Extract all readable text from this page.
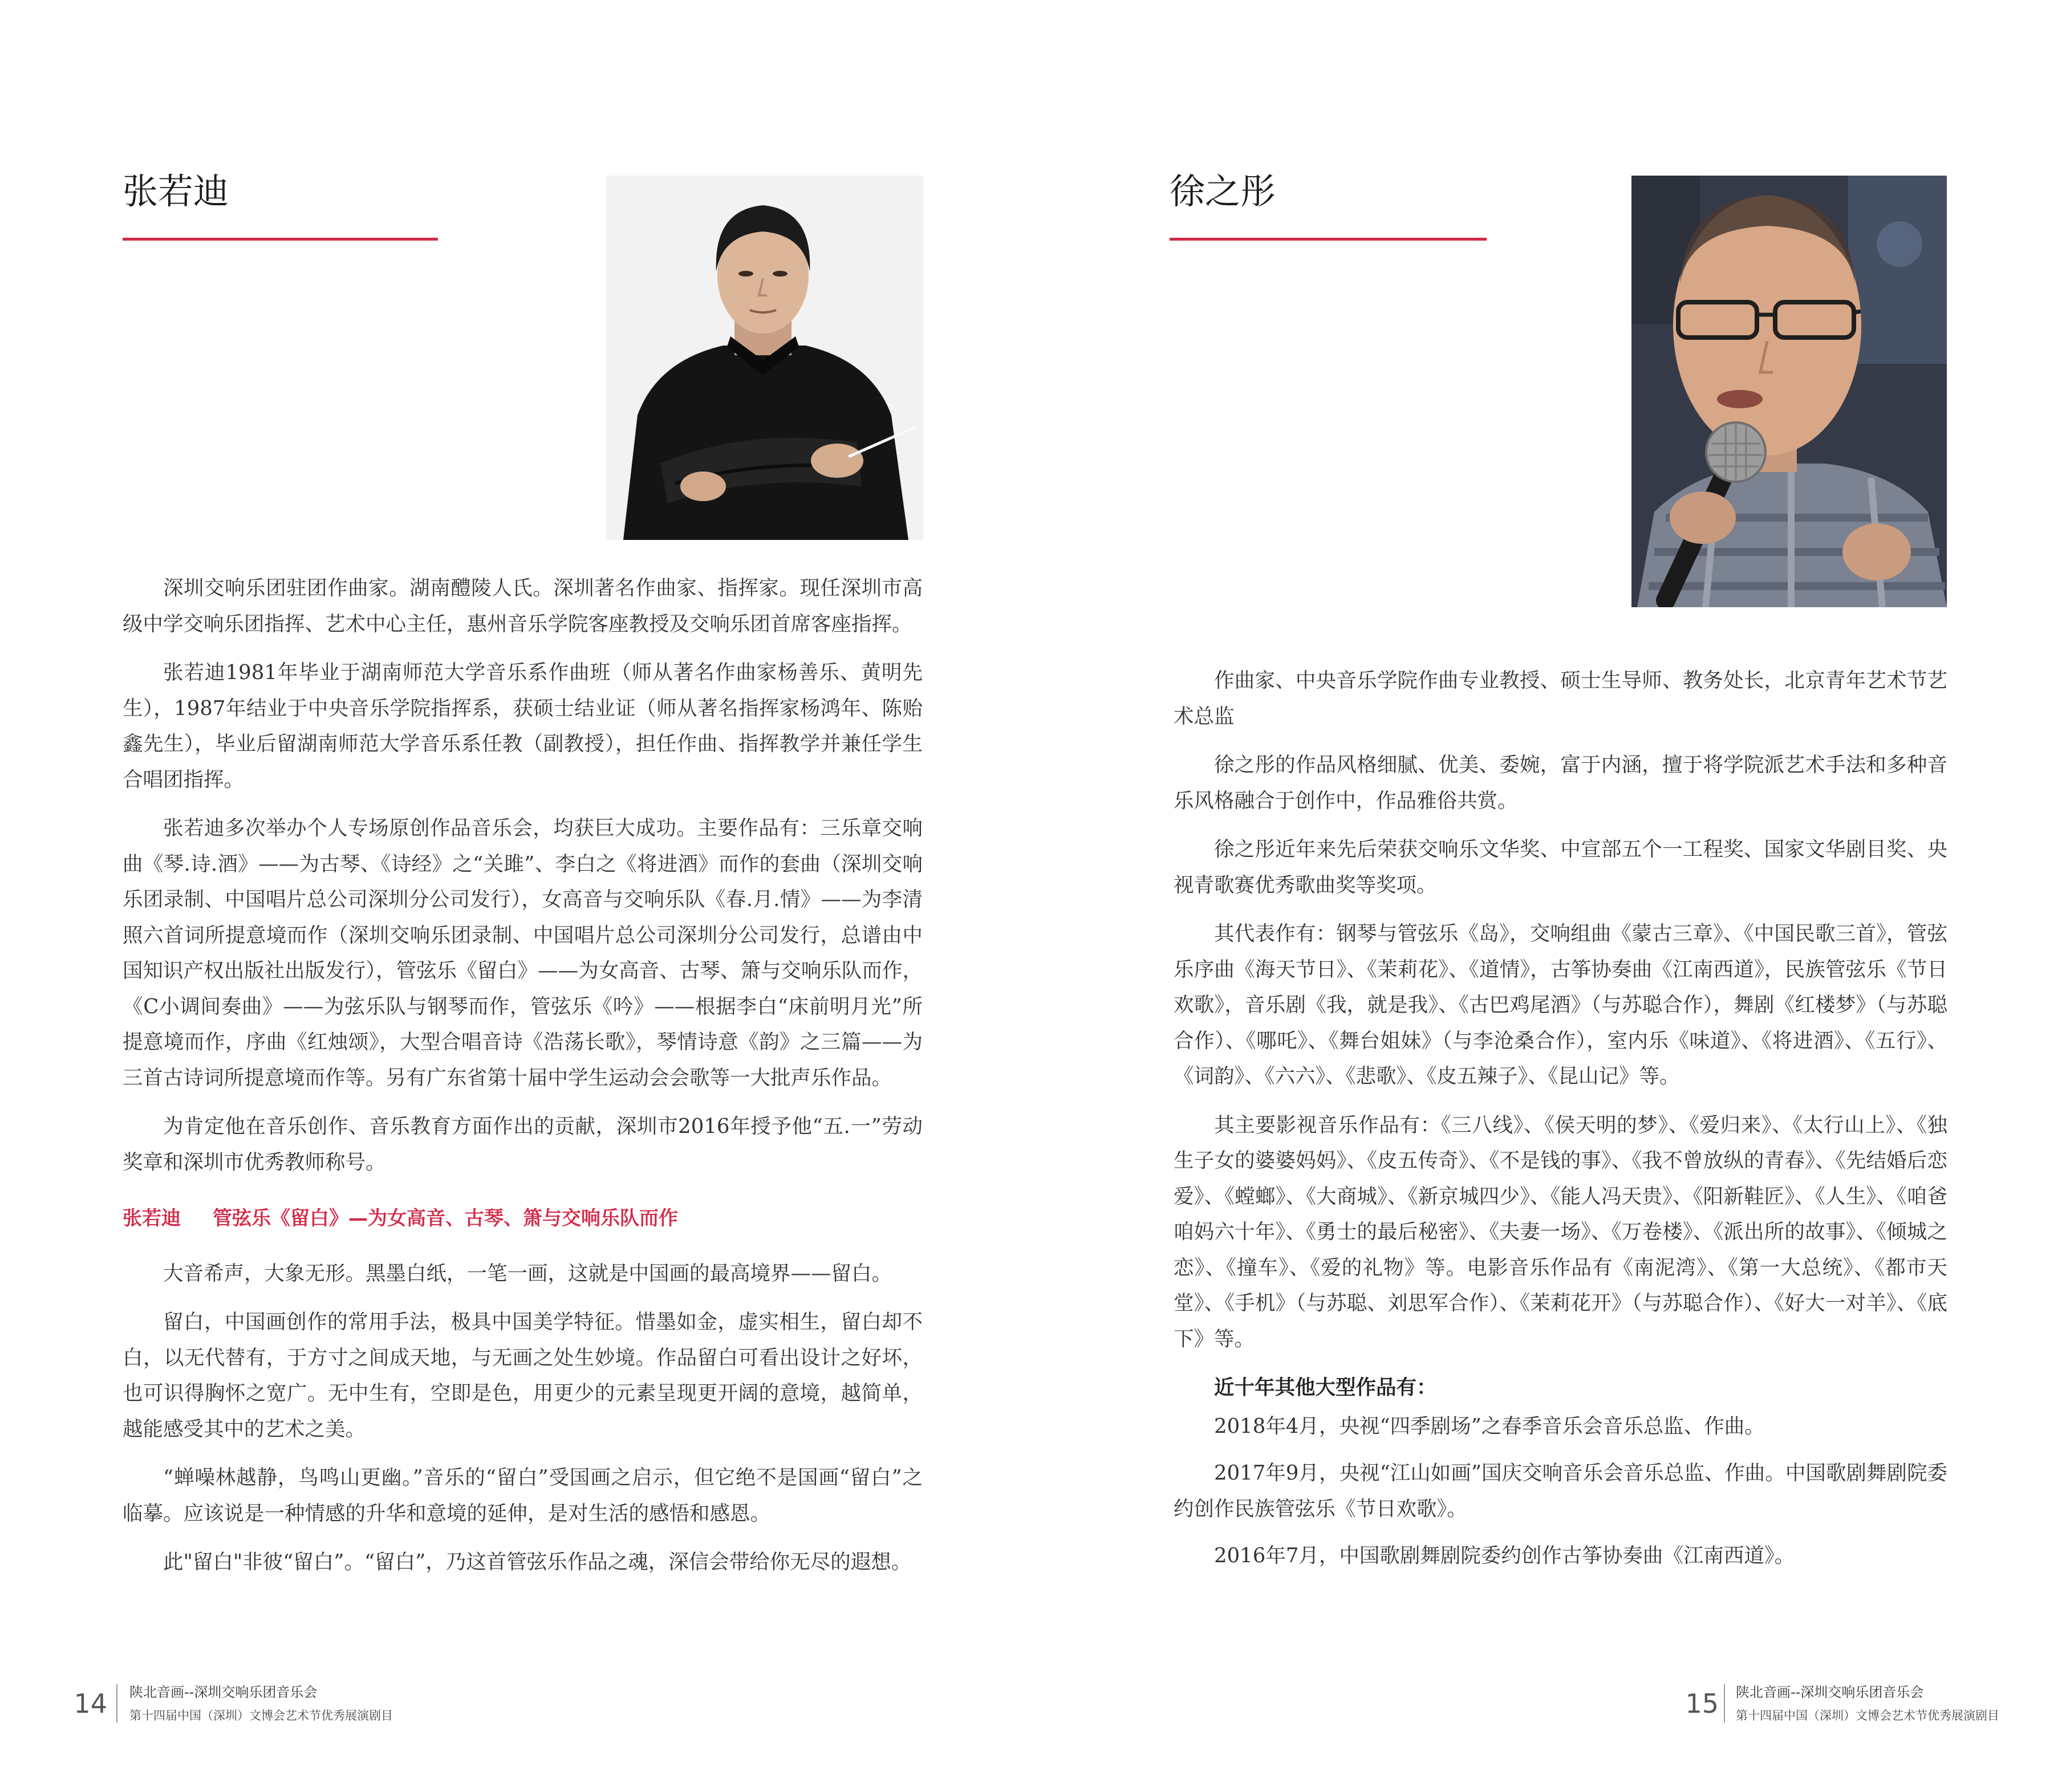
张若迪

深圳交响乐团驻团作曲家。湖南醴陵人氏。深圳著名作曲家、指挥家。现任深圳市高级中学交响乐团指挥、艺术中心主任，惠州音乐学院客座教授及交响乐团首席客座指挥。

张若迪1981年毕业于湖南师范大学音乐系作曲班（师从著名作曲家杨善乐、黄明先生），1987年结业于中央音乐学院指挥系，获硕士结业证（师从著名指挥家杨鸿年、陈贻鑫先生），毕业后留湖南师范大学音乐系任教（副教授），担任作曲、指挥教学并兼任学生合唱团指挥。

张若迪多次举办个人专场原创作品音乐会，均获巨大成功。主要作品有：三乐章交响曲《琴.诗.酒》——为古琴、《诗经》之“关雎”、李白之《将进酒》而作的套曲（深圳交响乐团录制、中国唱片总公司深圳分公司发行），女高音与交响乐队《春.月.情》——为李清照六首词所提意境而作（深圳交响乐团录制、中国唱片总公司深圳分公司发行，总谱由中国知识产权出版社出版发行），管弦乐《留白》——为女高音、古琴、箫与交响乐队而作，《C小调间奏曲》——为弦乐队与钢琴而作，管弦乐《吟》——根据李白“床前明月光”所提意境而作，序曲《红烛颂》，大型合唱音诗《浩荡长歌》，琴情诗意《韵》之三篇——为三首古诗词所提意境而作等。另有广东省第十届中学生运动会会歌等一大批声乐作品。

为肯定他在音乐创作、音乐教育方面作出的贡献，深圳市2016年授予他“五.一”劳动奖章和深圳市优秀教师称号。

张若迪 管弦乐《留白》—为女高音、古琴、箫与交响乐队而作

大音希声，大象无形。黑墨白纸，一笔一画，这就是中国画的最高境界——留白。

留白，中国画创作的常用手法，极具中国美学特征。惜墨如金，虚实相生，留白却不白，以无代替有，于方寸之间成天地，与无画之处生妙境。作品留白可看出设计之好坏，也可识得胸怀之宽广。无中生有，空即是色，用更少的元素呈现更开阔的意境，越简单，越能感受其中的艺术之美。

“蝉噪林越静，鸟鸣山更幽。”音乐的“留白”受国画之启示，但它绝不是国画“留白”之临摹。应该说是一种情感的升华和意境的延伸，是对生活的感悟和感恩。

此"留白"非彼“留白”。“留白”，乃这首管弦乐作品之魂，深信会带给你无尽的遐想。

14 陕北音画--深圳交响乐团音乐会
第十四届中国（深圳）文博会艺术节优秀展演剧目
徐之彤

作曲家、中央音乐学院作曲专业教授、硕士生导师、教务处长，北京青年艺术节艺术总监

徐之彤的作品风格细腻、优美、委婉，富于内涵，擅于将学院派艺术手法和多种音乐风格融合于创作中，作品雅俗共赏。

徐之彤近年来先后荣获交响乐文华奖、中宣部五个一工程奖、国家文华剧目奖、央视青歌赛优秀歌曲奖等奖项。

其代表作有：钢琴与管弦乐《岛》，交响组曲《蒙古三章》、《中国民歌三首》，管弦乐序曲《海天节日》、《茉莉花》、《道情》，古筝协奏曲《江南西道》，民族管弦乐《节日欢歌》，音乐剧《我，就是我》、《古巴鸡尾酒》（与苏聪合作），舞剧《红楼梦》（与苏聪合作）、《哪吒》、《舞台姐妹》（与李沧桑合作），室内乐《味道》、《将进酒》、《五行》、《词韵》、《六六》、《悲歌》、《皮五辣子》、《昆山记》等。

其主要影视音乐作品有：《三八线》、《侯天明的梦》、《爱归来》、《太行山上》、《独生子女的婆婆妈妈》、《皮五传奇》、《不是钱的事》、《我不曾放纵的青春》、《先结婚后恋爱》、《螳螂》、《大商城》、《新京城四少》、《能人冯天贵》、《阳新鞋匠》、《人生》、《咱爸咱妈六十年》、《勇士的最后秘密》、《夫妻一场》、《万卷楼》、《派出所的故事》、《倾城之恋》、《撞车》、《爱的礼物》等。电影音乐作品有《南泥湾》、《第一大总统》、《都市天堂》、《手机》（与苏聪、刘思军合作）、《茉莉花开》（与苏聪合作）、《好大一对羊》、《底下》等。

近十年其他大型作品有：

2018年4月，央视“四季剧场”之春季音乐会音乐总监、作曲。

2017年9月，央视“江山如画”国庆交响音乐会音乐总监、作曲。中国歌剧舞剧院委约创作民族管弦乐《节日欢歌》。

2016年7月，中国歌剧舞剧院委约创作古筝协奏曲《江南西道》。

15 陕北音画--深圳交响乐团音乐会
第十四届中国（深圳）文博会艺术节优秀展演剧目
